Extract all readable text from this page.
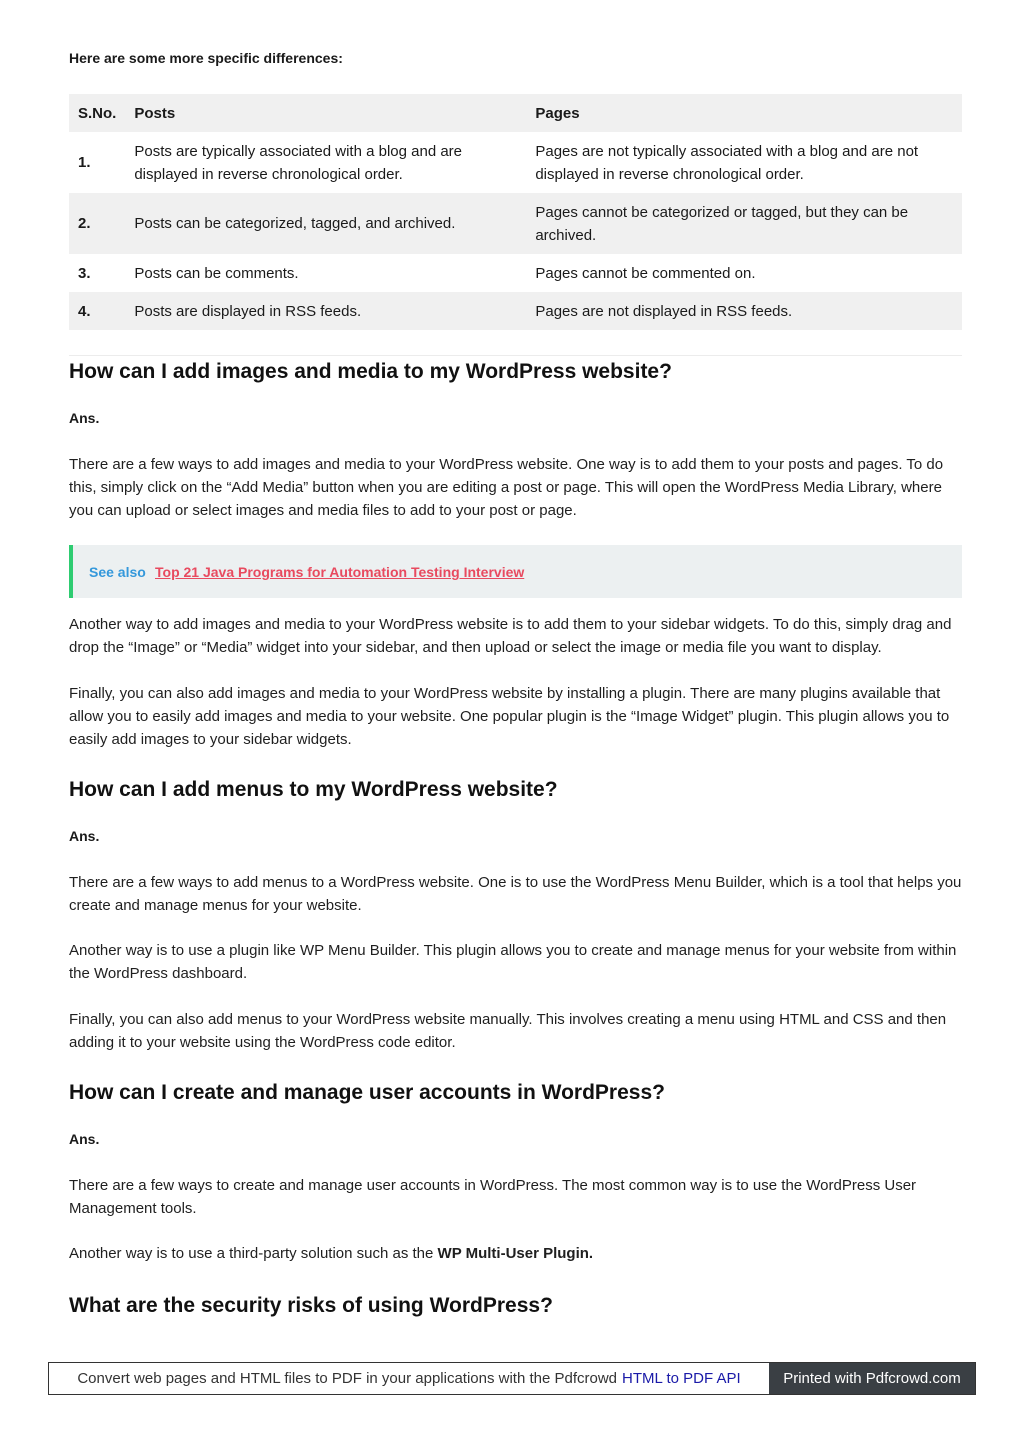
Here are some more specific differences:
S.No.	Posts	Pages
1.	Posts are typically associated with a blog and are displayed in reverse chronological order.	Pages are not typically associated with a blog and are not displayed in reverse chronological order.
2.	Posts can be categorized, tagged, and archived.	Pages cannot be categorized or tagged, but they can be archived.
3.	Posts can be comments.	Pages cannot be commented on.
4.	Posts are displayed in RSS feeds.	Pages are not displayed in RSS feeds.
How can I add images and media to my WordPress website?
Ans.

There are a few ways to add images and media to your WordPress website. One way is to add them to your posts and pages. To do this, simply click on the “Add Media” button when you are editing a post or page. This will open the WordPress Media Library, where you can upload or select images and media files to add to your post or page.

See also Top 21 Java Programs for Automation Testing Interview

Another way to add images and media to your WordPress website is to add them to your sidebar widgets. To do this, simply drag and drop the “Image” or “Media” widget into your sidebar, and then upload or select the image or media file you want to display.

Finally, you can also add images and media to your WordPress website by installing a plugin. There are many plugins available that allow you to easily add images and media to your website. One popular plugin is the “Image Widget” plugin. This plugin allows you to easily add images to your sidebar widgets.

How can I add menus to my WordPress website?
Ans.

There are a few ways to add menus to a WordPress website. One is to use the WordPress Menu Builder, which is a tool that helps you create and manage menus for your website.

Another way is to use a plugin like WP Menu Builder. This plugin allows you to create and manage menus for your website from within the WordPress dashboard.

Finally, you can also add menus to your WordPress website manually. This involves creating a menu using HTML and CSS and then adding it to your website using the WordPress code editor.

How can I create and manage user accounts in WordPress?
Ans.

There are a few ways to create and manage user accounts in WordPress. The most common way is to use the WordPress User Management tools.

Another way is to use a third-party solution such as the WP Multi-User Plugin.

What are the security risks of using WordPress?
Convert web pages and HTML files to PDF in your applications with the Pdfcrowd HTML to PDF API	Printed with Pdfcrowd.com
